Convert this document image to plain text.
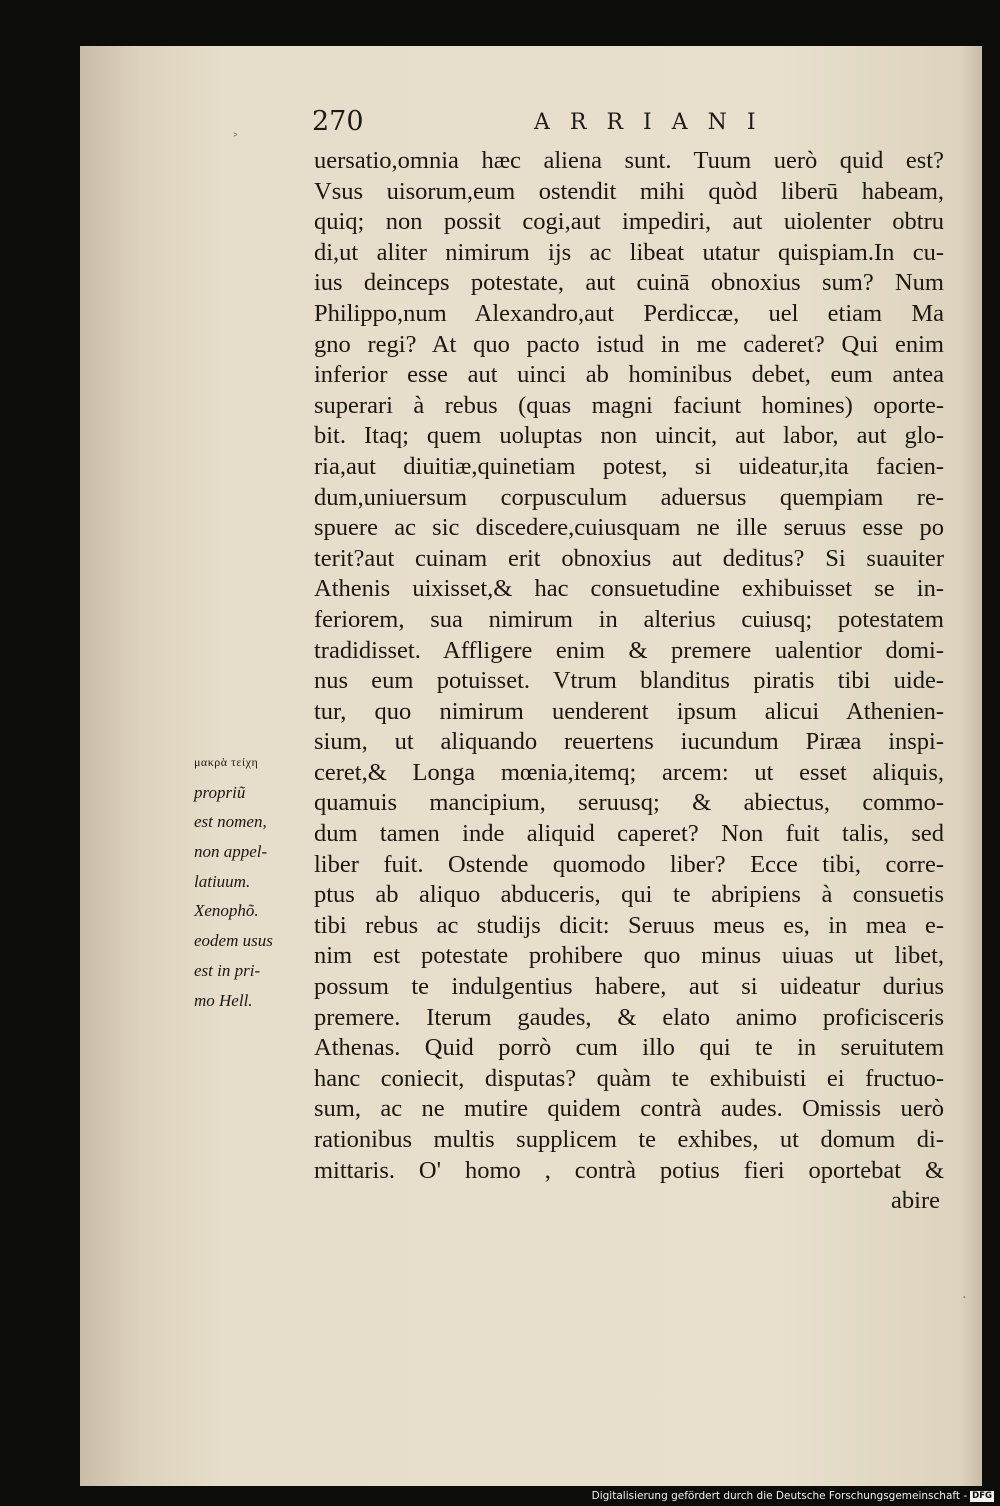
˃
·
270	ARRIANI
uersatio,omnia hæc aliena sunt. Tuum uerò quid est?
Vsus uisorum,eum ostendit mihi quòd liberū habeam,
quiq; non possit cogi,aut impediri, aut uiolenter obtru
di,ut aliter nimirum ijs ac libeat utatur quispiam.In cu-
ius deinceps potestate, aut cuinā obnoxius sum? Num
Philippo,num Alexandro,aut Perdiccæ, uel etiam Ma
gno regi? At quo pacto istud in me caderet? Qui enim
inferior esse aut uinci ab hominibus debet, eum antea
superari à rebus (quas magni faciunt homines) oporte-
bit. Itaq; quem uoluptas non uincit, aut labor, aut glo-
ria,aut diuitiæ,quinetiam potest, si uideatur,ita facien-
dum,uniuersum corpusculum aduersus quempiam re-
spuere ac sic discedere,cuiusquam ne ille seruus esse po
terit?aut cuinam erit obnoxius aut deditus? Si suauiter
Athenis uixisset,& hac consuetudine exhibuisset se in-
feriorem, sua nimirum in alterius cuiusq; potestatem
tradidisset. Affligere enim & premere ualentior domi-
nus eum potuisset. Vtrum blanditus piratis tibi uide-
tur, quo nimirum uenderent ipsum alicui Athenien-
sium, ut aliquando reuertens iucundum Piræa inspi-
ceret,& Longa mœnia,itemq; arcem: ut esset aliquis,
quamuis mancipium, seruusq; & abiectus, commo-
dum tamen inde aliquid caperet? Non fuit talis, sed
liber fuit. Ostende quomodo liber? Ecce tibi, corre-
ptus ab aliquo abduceris, qui te abripiens à consuetis
tibi rebus ac studijs dicit: Seruus meus es, in mea e-
nim est potestate prohibere quo minus uiuas ut libet,
possum te indulgentius habere, aut si uideatur durius
premere. Iterum gaudes, & elato animo proficisceris
Athenas. Quid porrò cum illo qui te in seruitutem
hanc coniecit, disputas? quàm te exhibuisti ei fructuo-
sum, ac ne mutire quidem contrà audes. Omissis uerò
rationibus multis supplicem te exhibes, ut domum di-
mittaris. O' homo , contrà potius fieri oportebat &
abire
μακρὰ τείχη
propriũ
est nomen,
non appel-
latiuum.
Xenophõ.
eodem usus
est in pri-
mo Hell.
Digitalisierung gefördert durch die Deutsche Forschungsgemeinschaft - DFG
